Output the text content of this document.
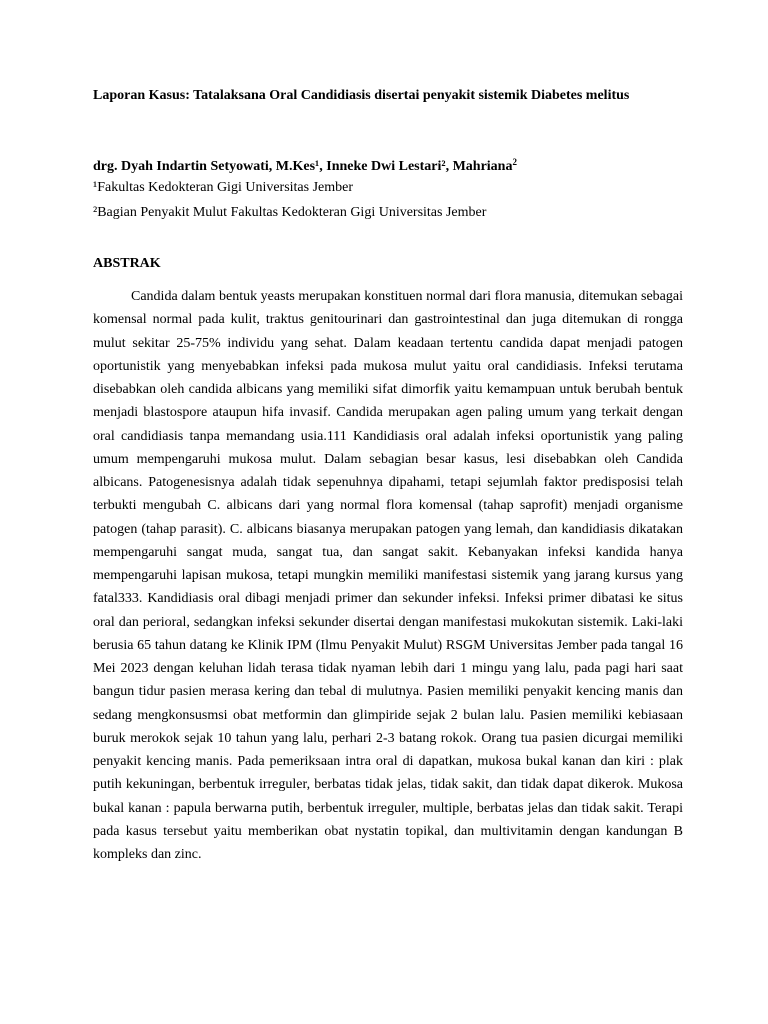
Laporan Kasus: Tatalaksana Oral Candidiasis disertai penyakit sistemik Diabetes melitus

drg. Dyah Indartin Setyowati, M.Kes¹, Inneke Dwi Lestari², Mahriana$^2$

¹Fakultas Kedokteran Gigi Universitas Jember

²Bagian Penyakit Mulut Fakultas Kedokteran Gigi Universitas Jember

ABSTRAK

Candida dalam bentuk yeasts merupakan konstituen normal dari flora manusia, ditemukan sebagai komensal normal pada kulit, traktus genitourinari dan gastrointestinal dan juga ditemukan di rongga mulut sekitar 25-75% individu yang sehat. Dalam keadaan tertentu candida dapat menjadi patogen oportunistik yang menyebabkan infeksi pada mukosa mulut yaitu oral candidiasis. Infeksi terutama disebabkan oleh candida albicans yang memiliki sifat dimorfik yaitu kemampuan untuk berubah bentuk menjadi blastospore ataupun hifa invasif. Candida merupakan agen paling umum yang terkait dengan oral candidiasis tanpa memandang usia.111 Kandidiasis oral adalah infeksi oportunistik yang paling umum mempengaruhi mukosa mulut. Dalam sebagian besar kasus, lesi disebabkan oleh Candida albicans. Patogenesisnya adalah tidak sepenuhnya dipahami, tetapi sejumlah faktor predisposisi telah terbukti mengubah C. albicans dari yang normal flora komensal (tahap saprofit) menjadi organisme patogen (tahap parasit). C. albicans biasanya merupakan patogen yang lemah, dan kandidiasis dikatakan mempengaruhi sangat muda, sangat tua, dan sangat sakit. Kebanyakan infeksi kandida hanya mempengaruhi lapisan mukosa, tetapi mungkin memiliki manifestasi sistemik yang jarang kursus yang fatal333. Kandidiasis oral dibagi menjadi primer dan sekunder infeksi. Infeksi primer dibatasi ke situs oral dan perioral, sedangkan infeksi sekunder disertai dengan manifestasi mukokutan sistemik. Laki-laki berusia 65 tahun datang ke Klinik IPM (Ilmu Penyakit Mulut) RSGM Universitas Jember pada tangal 16 Mei 2023 dengan keluhan lidah terasa tidak nyaman lebih dari 1 mingu yang lalu, pada pagi hari saat bangun tidur pasien merasa kering dan tebal di mulutnya. Pasien memiliki penyakit kencing manis dan sedang mengkonsusmsi obat metformin dan glimpiride sejak 2 bulan lalu. Pasien memiliki kebiasaan buruk merokok sejak 10 tahun yang lalu, perhari 2-3 batang rokok. Orang tua pasien dicurgai memiliki penyakit kencing manis. Pada pemeriksaan intra oral di dapatkan, mukosa bukal kanan dan kiri : plak putih kekuningan, berbentuk irreguler, berbatas tidak jelas, tidak sakit, dan tidak dapat dikerok. Mukosa bukal kanan : papula berwarna putih, berbentuk irreguler, multiple, berbatas jelas dan tidak sakit. Terapi pada kasus tersebut yaitu memberikan obat nystatin topikal, dan multivitamin dengan kandungan B kompleks dan zinc.
